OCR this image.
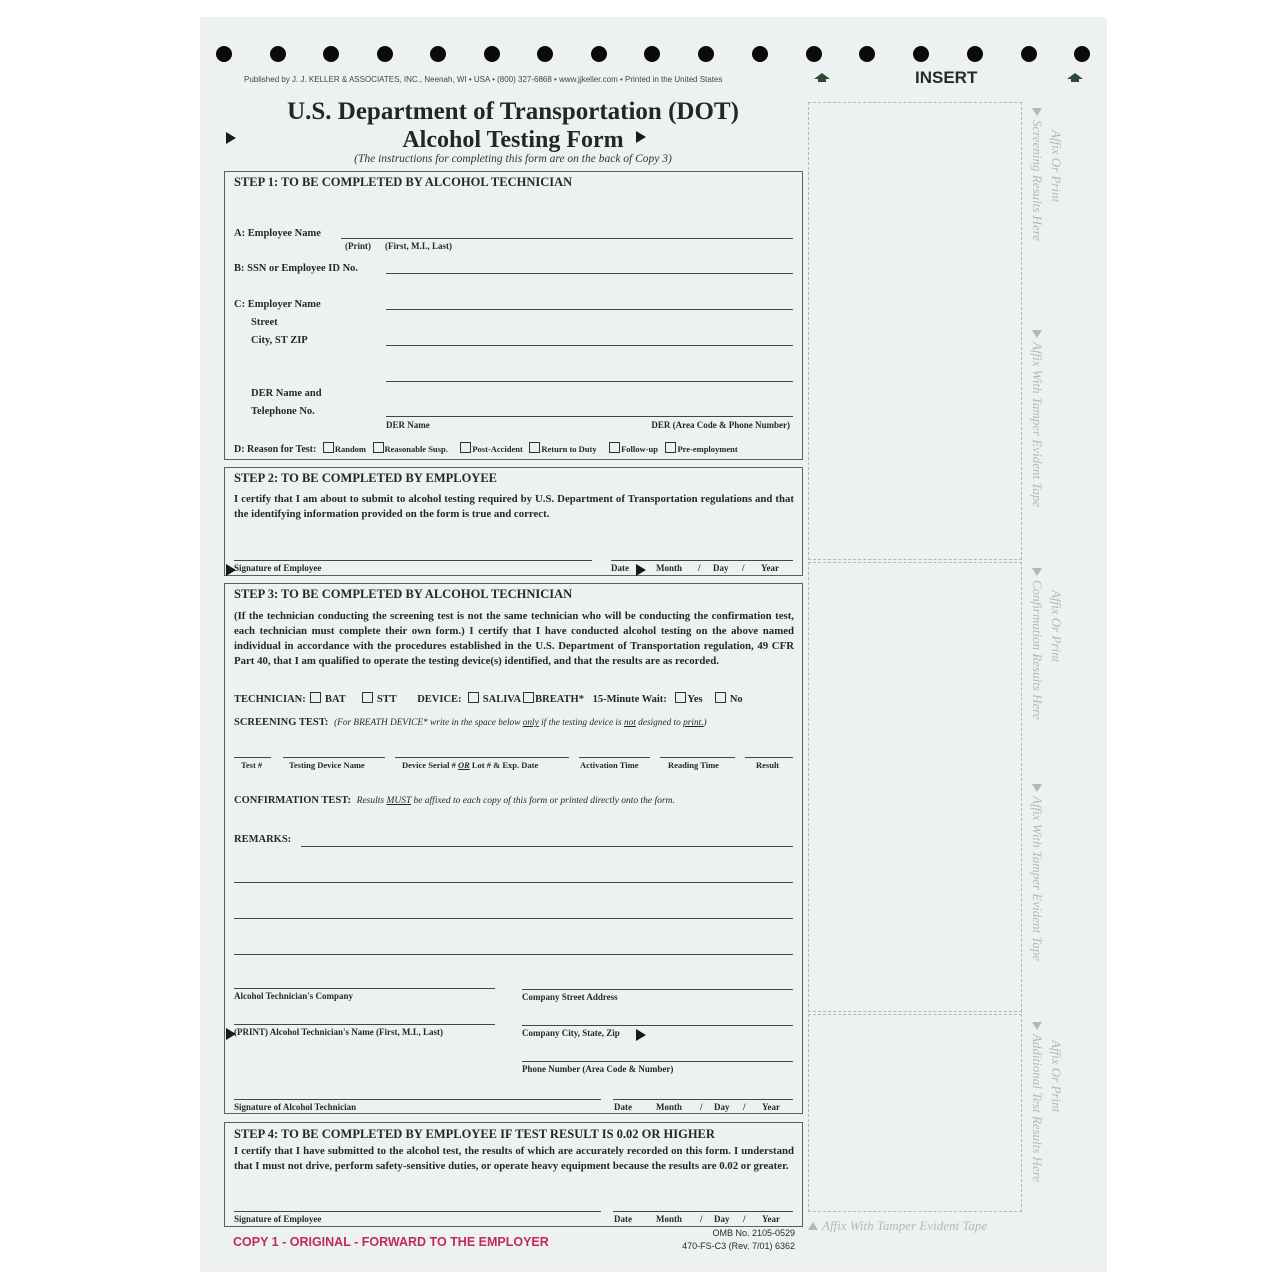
Published by J. J. KELLER & ASSOCIATES, INC., Neenah, WI • USA • (800) 327-6868 • www.jjkeller.com • Printed in the United States	INSERT
U.S. Department of Transportation (DOT)
Alcohol Testing Form
(The instructions for completing this form are on the back of Copy 3)
STEP 1: TO BE COMPLETED BY ALCOHOL TECHNICIAN
A: Employee Name
(Print) (First, M.I., Last)
B: SSN or Employee ID No.
C: Employer Name
Street
City, ST ZIP
DER Name and
Telephone No.
DER Name	DER (Area Code & Phone Number)
D: Reason for Test: Random Reasonable Susp.	Post-Accident Return to Duty	Follow-up Pre-employment
STEP 2: TO BE COMPLETED BY EMPLOYEE
I certify that I am about to submit to alcohol testing required by U.S. Department of Transportation regulations and that the identifying information provided on the form is true and correct.
Signature of Employee	Date	Month / Day / Year
STEP 3: TO BE COMPLETED BY ALCOHOL TECHNICIAN
(If the technician conducting the screening test is not the same technician who will be conducting the confirmation test, each technician must complete their own form.) I certify that I have conducted alcohol testing on the above named individual in accordance with the procedures established in the U.S. Department of Transportation regulation, 49 CFR Part 40, that I am qualified to operate the testing device(s) identified, and that the results are as recorded.
TECHNICIAN: BAT	STT DEVICE: SALIVA BREATH* 15-Minute Wait: Yes	No
SCREENING TEST: (For BREATH DEVICE* write in the space below only if the testing device is not designed to print.)
Test #	Testing Device Name	Device Serial # OR Lot # & Exp. Date	Activation Time	Reading Time	Result
CONFIRMATION TEST: Results MUST be affixed to each copy of this form or printed directly onto the form.
REMARKS:
Alcohol Technician's Company	Company Street Address
(PRINT) Alcohol Technician's Name (First, M.I., Last)	Company City, State, Zip
Phone Number (Area Code & Number)
Signature of Alcohol Technician	Date	Month / Day / Year
STEP 4: TO BE COMPLETED BY EMPLOYEE IF TEST RESULT IS 0.02 OR HIGHER
I certify that I have submitted to the alcohol test, the results of which are accurately recorded on this form. I understand that I must not drive, perform safety-sensitive duties, or operate heavy equipment because the results are 0.02 or greater.
Signature of Employee	Date	Month / Day / Year
COPY 1 - ORIGINAL - FORWARD TO THE EMPLOYER
OMB No. 2105-0529
470-FS-C3 (Rev. 7/01) 6362
Affix Or Print
Screening Results Here
Affix With Tamper Evident Tape
Affix Or Print
Confirmation Results Here
Affix With Tamper Evident Tape
Affix Or Print
Additional Test Results Here
Affix With Tamper Evident Tape
